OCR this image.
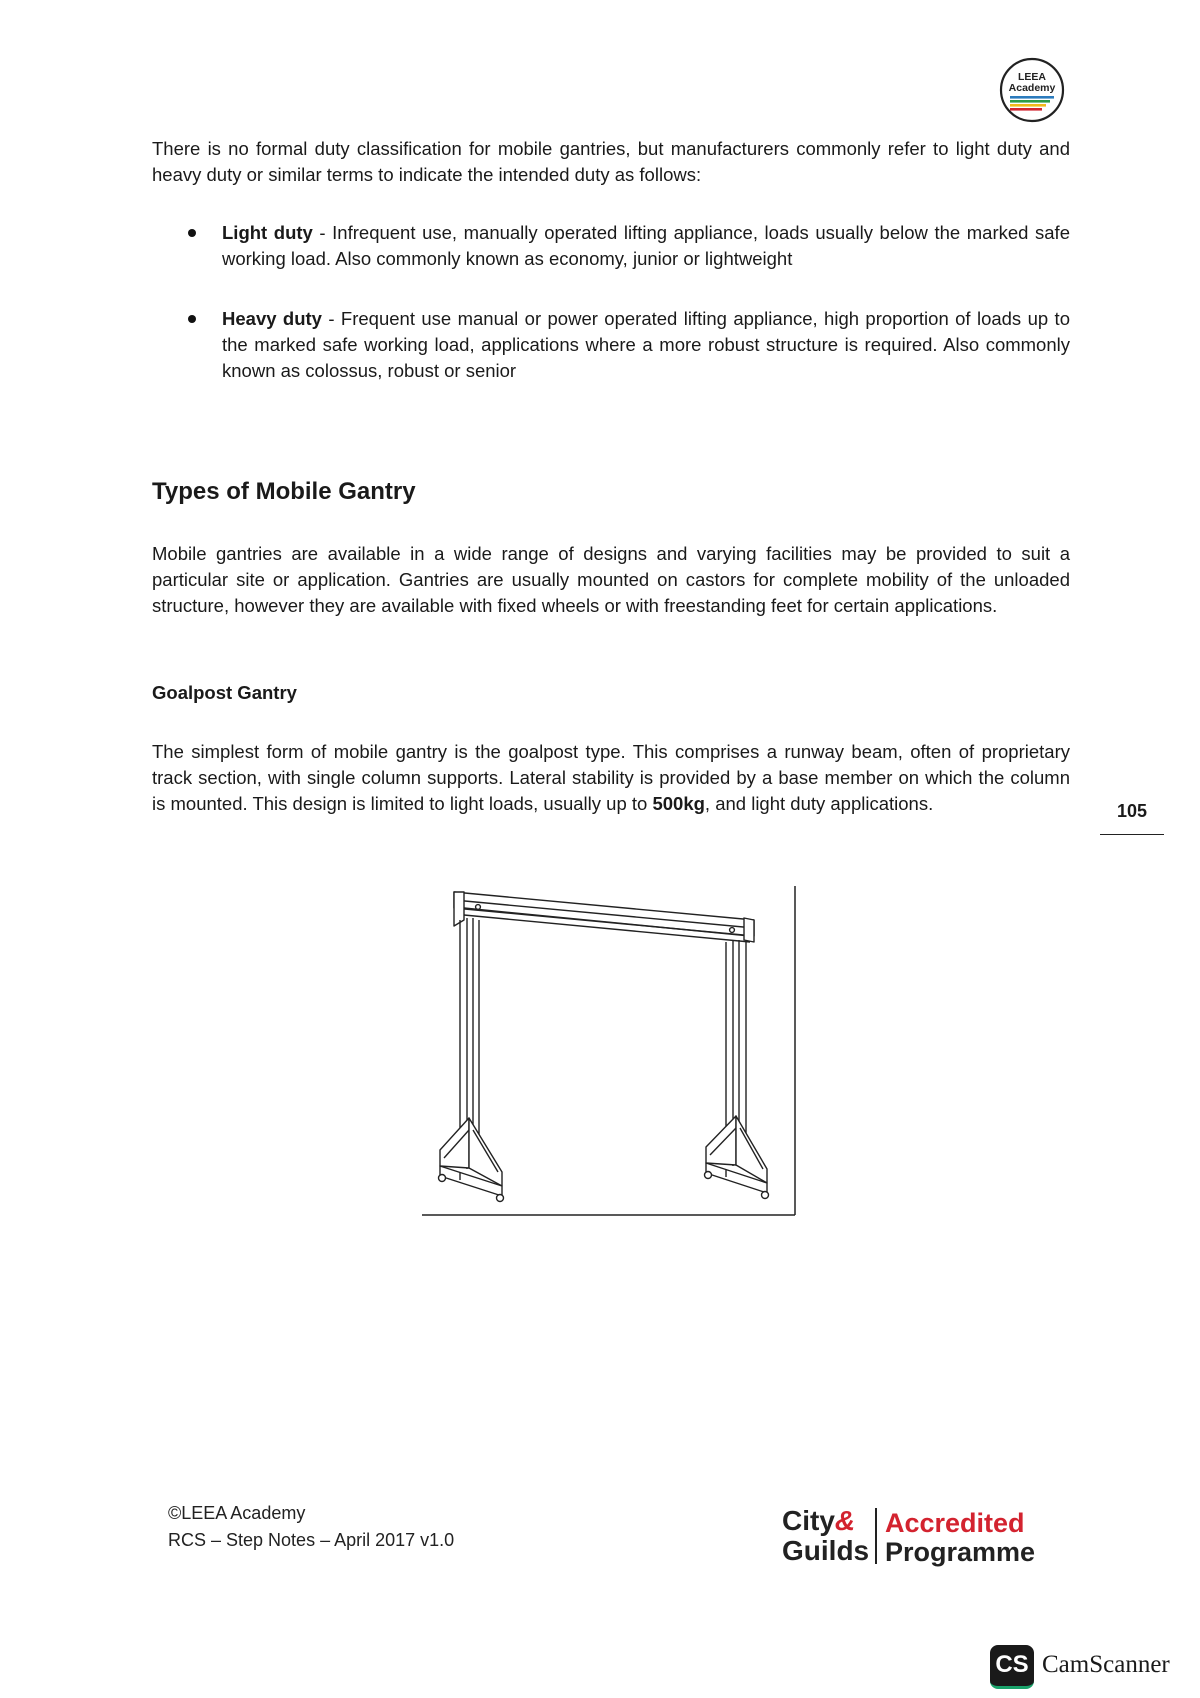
LEEA
Academy

There is no formal duty classification for mobile gantries, but manufacturers commonly refer to light duty and heavy duty or similar terms to indicate the intended duty as follows:

Light duty - Infrequent use, manually operated lifting appliance, loads usually below the marked safe working load. Also commonly known as economy, junior or lightweight
Heavy duty - Frequent use manual or power operated lifting appliance, high proportion of loads up to the marked safe working load, applications where a more robust structure is required. Also commonly known as colossus, robust or senior
Types of Mobile Gantry

Mobile gantries are available in a wide range of designs and varying facilities may be provided to suit a particular site or application. Gantries are usually mounted on castors for complete mobility of the unloaded structure, however they are available with fixed wheels or with freestanding feet for certain applications.

Goalpost Gantry

The simplest form of mobile gantry is the goalpost type. This comprises a runway beam, often of proprietary track section, with single column supports. Lateral stability is provided by a base member on which the column is mounted. This design is limited to light loads, usually up to 500kg, and light duty applications.	105
©LEEA Academy
RCS – Step Notes – April 2017 v1.0
City&
Guilds
Accredited
Programme
CS CamScanner
